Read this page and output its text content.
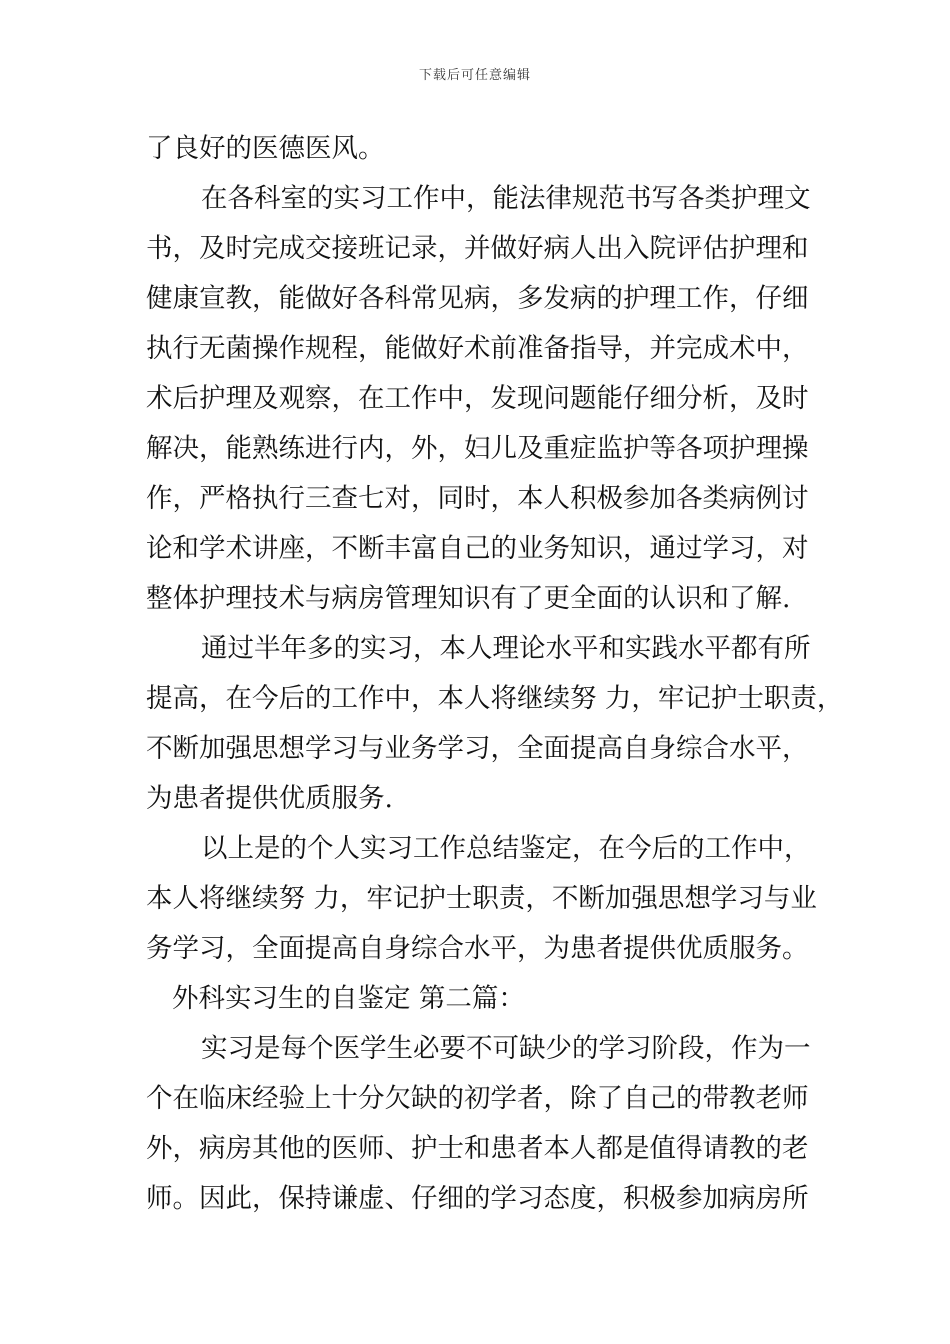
下载后可任意编辑
了良好的医德医风。
在各科室的实习工作中，能法律规范书写各类护理文
书，及时完成交接班记录，并做好病人出入院评估护理和
健康宣教，能做好各科常见病，多发病的护理工作，仔细
执行无菌操作规程，能做好术前准备指导，并完成术中，
术后护理及观察，在工作中，发现问题能仔细分析，及时
解决，能熟练进行内，外，妇儿及重症监护等各项护理操
作，严格执行三查七对，同时，本人积极参加各类病例讨
论和学术讲座，不断丰富自己的业务知识，通过学习，对
整体护理技术与病房管理知识有了更全面的认识和了解.
通过半年多的实习，本人理论水平和实践水平都有所
提高，在今后的工作中，本人将继续努 力，牢记护士职责，
不断加强思想学习与业务学习，全面提高自身综合水平，
为患者提供优质服务.
以上是的个人实习工作总结鉴定，在今后的工作中，
本人将继续努 力，牢记护士职责，不断加强思想学习与业
务学习，全面提高自身综合水平，为患者提供优质服务。
外科实习生的自鉴定 第二篇：
实习是每个医学生必要不可缺少的学习阶段，作为一
个在临床经验上十分欠缺的初学者，除了自己的带教老师
外，病房其他的医师、护士和患者本人都是值得请教的老
师。因此，保持谦虚、仔细的学习态度，积极参加病房所
